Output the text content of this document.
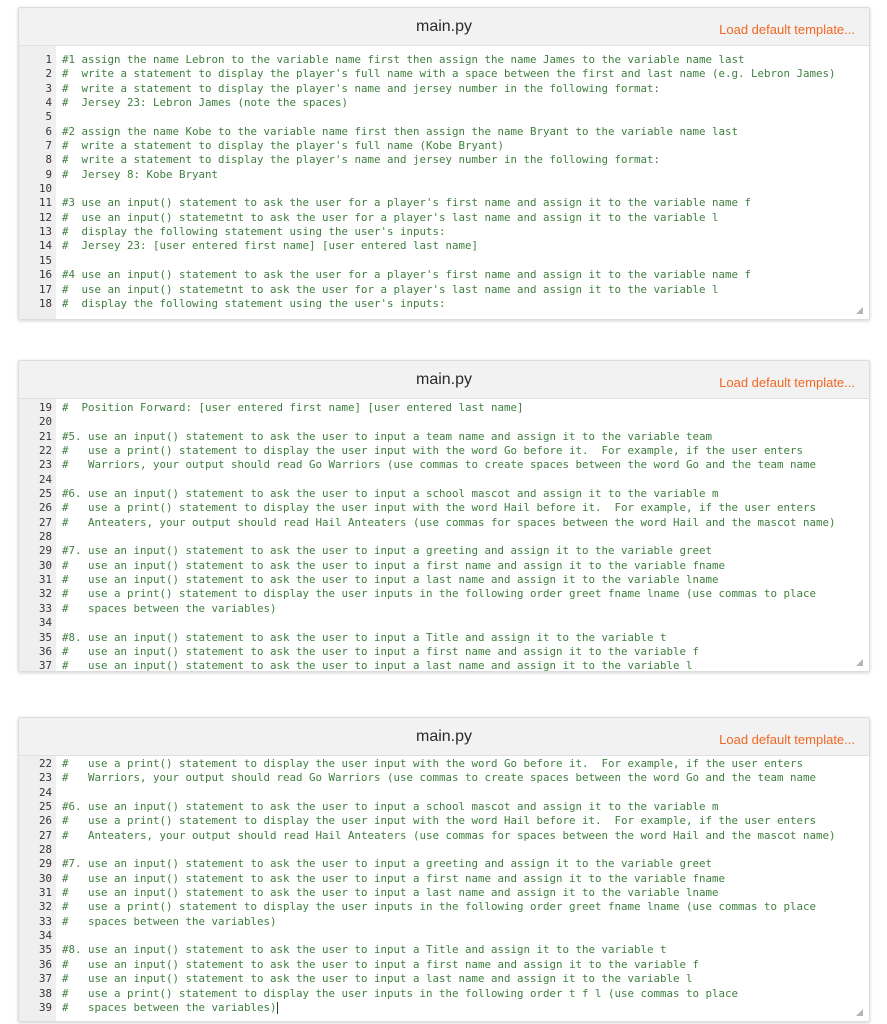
main.py	Load default template...
1 #1 assign the name Lebron to the variable name first then assign the name James to the variable name last
2 #  write a statement to display the player's full name with a space between the first and last name (e.g. Lebron James)
3 #  write a statement to display the player's name and jersey number in the following format:
4 #  Jersey 23: Lebron James (note the spaces)
5
6 #2 assign the name Kobe to the variable name first then assign the name Bryant to the variable name last
7 #  write a statement to display the player's full name (Kobe Bryant)
8 #  write a statement to display the player's name and jersey number in the following format:
9 #  Jersey 8: Kobe Bryant
10
11 #3 use an input() statement to ask the user for a player's first name and assign it to the variable name f
12 #  use an input() statemetnt to ask the user for a player's last name and assign it to the variable l
13 #  display the following statement using the user's inputs:
14 #  Jersey 23: [user entered first name] [user entered last name]
15
16 #4 use an input() statement to ask the user for a player's first name and assign it to the variable name f
17 #  use an input() statemetnt to ask the user for a player's last name and assign it to the variable l
18 #  display the following statement using the user's inputs:
main.py	Load default template...
19 #  Position Forward: [user entered first name] [user entered last name]
20
21 #5. use an input() statement to ask the user to input a team name and assign it to the variable team
22 #   use a print() statement to display the user input with the word Go before it.  For example, if the user enters
23 #   Warriors, your output should read Go Warriors (use commas to create spaces between the word Go and the team name
24
25 #6. use an input() statement to ask the user to input a school mascot and assign it to the variable m
26 #   use a print() statement to display the user input with the word Hail before it.  For example, if the user enters
27 #   Anteaters, your output should read Hail Anteaters (use commas for spaces between the word Hail and the mascot name)
28
29 #7. use an input() statement to ask the user to input a greeting and assign it to the variable greet
30 #   use an input() statement to ask the user to input a first name and assign it to the variable fname
31 #   use an input() statement to ask the user to input a last name and assign it to the variable lname
32 #   use a print() statement to display the user inputs in the following order greet fname lname (use commas to place
33 #   spaces between the variables)
34
35 #8. use an input() statement to ask the user to input a Title and assign it to the variable t
36 #   use an input() statement to ask the user to input a first name and assign it to the variable f
37 #   use an input() statement to ask the user to input a last name and assign it to the variable l
main.py	Load default template...
22 #   use a print() statement to display the user input with the word Go before it.  For example, if the user enters
23 #   Warriors, your output should read Go Warriors (use commas to create spaces between the word Go and the team name
24
25 #6. use an input() statement to ask the user to input a school mascot and assign it to the variable m
26 #   use a print() statement to display the user input with the word Hail before it.  For example, if the user enters
27 #   Anteaters, your output should read Hail Anteaters (use commas for spaces between the word Hail and the mascot name)
28
29 #7. use an input() statement to ask the user to input a greeting and assign it to the variable greet
30 #   use an input() statement to ask the user to input a first name and assign it to the variable fname
31 #   use an input() statement to ask the user to input a last name and assign it to the variable lname
32 #   use a print() statement to display the user inputs in the following order greet fname lname (use commas to place
33 #   spaces between the variables)
34
35 #8. use an input() statement to ask the user to input a Title and assign it to the variable t
36 #   use an input() statement to ask the user to input a first name and assign it to the variable f
37 #   use an input() statement to ask the user to input a last name and assign it to the variable l
38 #   use a print() statement to display the user inputs in the following order t f l (use commas to place
39 #   spaces between the variables)
